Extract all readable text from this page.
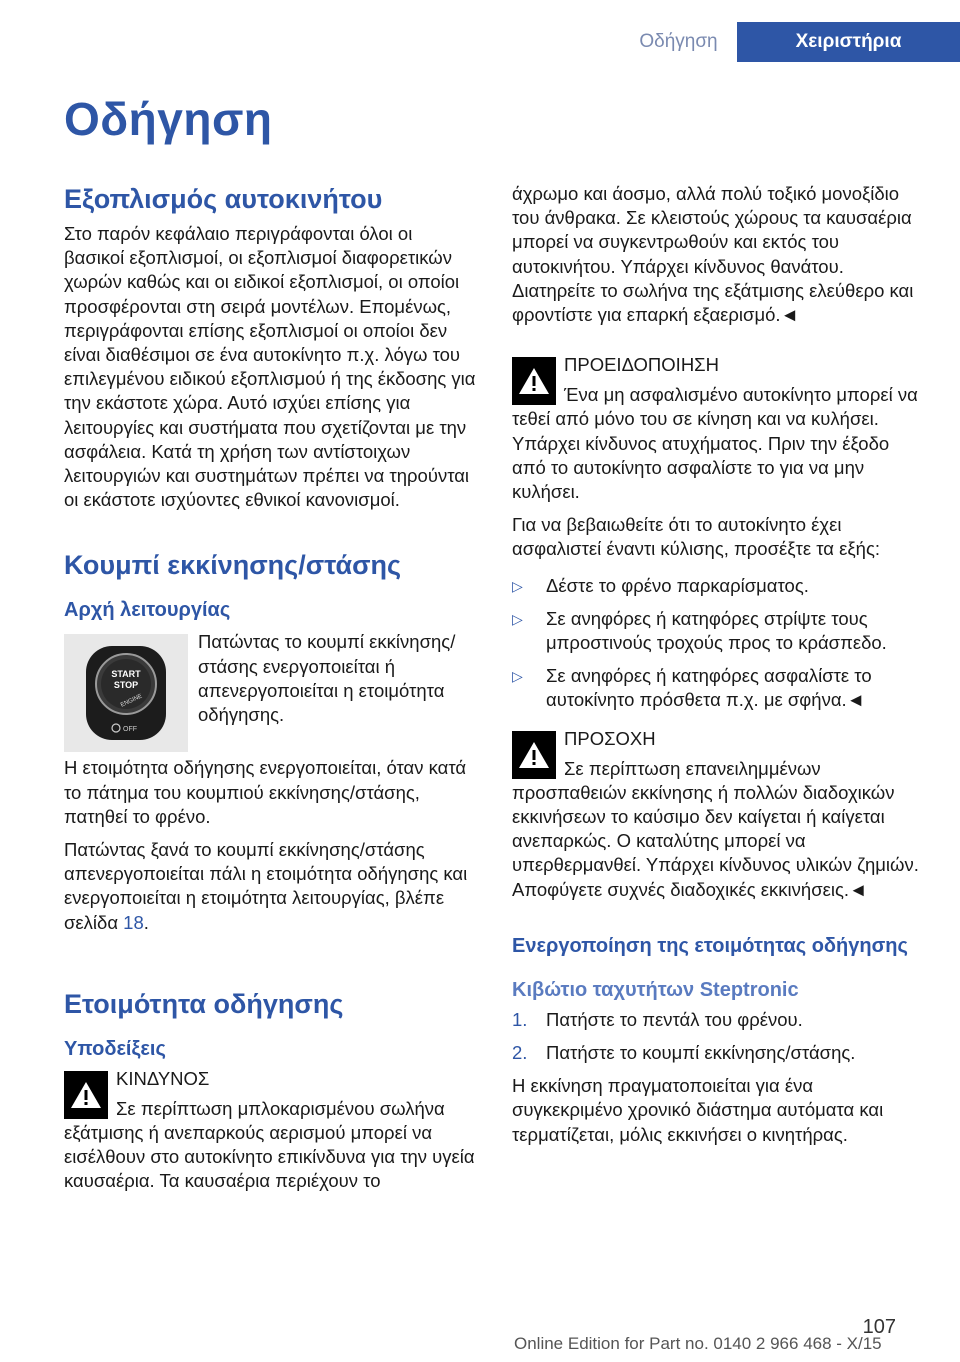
Οδήγηση	Χειριστήρια
Οδήγηση
Εξοπλισμός αυτοκινήτου

Στο παρόν κεφάλαιο περιγράφονται όλοι οι βασικοί εξοπλισμοί, οι εξοπλισμοί διαφορετικών χωρών καθώς και οι ειδικοί εξοπλισμοί, οι οποίοι προσφέρονται στη σειρά μοντέλων. Επομένως, περιγράφονται επίσης εξοπλισμοί οι οποίοι δεν είναι διαθέσιμοι σε ένα αυτοκίνητο π.χ. λόγω του επιλεγμένου ειδικού εξοπλισμού ή της έκδοσης για την εκάστοτε χώρα. Αυτό ισχύει επίσης για λειτουργίες και συστήματα που σχετίζονται με την ασφάλεια. Κατά τη χρήση των αντίστοιχων λειτουργιών και συστημάτων πρέπει να τηρούνται οι εκάστοτε ισχύοντες εθνικοί κανονισμοί.

Κουμπί εκκίνησης/στάσης
Αρχή λειτουργίας
START
STOP
ENGINE
OFF

Πατώντας το κουμπί εκκίνησης/στάσης ενεργοποιείται ή απενεργοποιείται η ετοιμότητα οδήγησης.

Η ετοιμότητα οδήγησης ενεργοποιείται, όταν κατά το πάτημα του κουμπιού εκκίνησης/στάσης, πατηθεί το φρένο.

Πατώντας ξανά το κουμπί εκκίνησης/στάσης απενεργοποιείται πάλι η ετοιμότητα οδήγησης και ενεργοποιείται η ετοιμότητα λειτουργίας, βλέπε σελίδα 18.

Ετοιμότητα οδήγησης
Υποδείξεις
ΚΙΝΔΥΝΟΣ

Σε περίπτωση μπλοκαρισμένου σωλήνα εξάτμισης ή ανεπαρκούς αερισμού μπορεί να εισέλθουν στο αυτοκίνητο επικίνδυνα για την υγεία καυσαέρια. Τα καυσαέρια περιέχουν το

άχρωμο και άοσμο, αλλά πολύ τοξικό μονοξίδιο του άνθρακα. Σε κλειστούς χώρους τα καυσαέρια μπορεί να συγκεντρωθούν και εκτός του αυτοκινήτου. Υπάρχει κίνδυνος θανάτου. Διατηρείτε το σωλήνα της εξάτμισης ελεύθερο και φροντίστε για επαρκή εξαερισμό.◄

ΠΡΟΕΙΔΟΠΟΙΗΣΗ

Ένα μη ασφαλισμένο αυτοκίνητο μπορεί να τεθεί από μόνο του σε κίνηση και να κυλήσει. Υπάρχει κίνδυνος ατυχήματος. Πριν την έξοδο από το αυτοκίνητο ασφαλίστε το για να μην κυλήσει.

Για να βεβαιωθείτε ότι το αυτοκίνητο έχει ασφαλιστεί έναντι κύλισης, προσέξτε τα εξής:

▷ Δέστε το φρένο παρκαρίσματος.
▷ Σε ανηφόρες ή κατηφόρες στρίψτε τους μπροστινούς τροχούς προς το κράσπεδο.
▷ Σε ανηφόρες ή κατηφόρες ασφαλίστε το αυτοκίνητο πρόσθετα π.χ. με σφήνα.◄
ΠΡΟΣΟΧΗ

Σε περίπτωση επανειλημμένων προσπαθειών εκκίνησης ή πολλών διαδοχικών εκκινήσεων το καύσιμο δεν καίγεται ή καίγεται ανεπαρκώς. Ο καταλύτης μπορεί να υπερθερμανθεί. Υπάρχει κίνδυνος υλικών ζημιών. Αποφύγετε συχνές διαδοχικές εκκινήσεις.◄

Ενεργοποίηση της ετοιμότητας οδήγησης
Κιβώτιο ταχυτήτων Steptronic
1. Πατήστε το πεντάλ του φρένου.
2. Πατήστε το κουμπί εκκίνησης/στάσης.

Η εκκίνηση πραγματοποιείται για ένα συγκεκριμένο χρονικό διάστημα αυτόματα και τερματίζεται, μόλις εκκινήσει ο κινητήρας.

107
Online Edition for Part no. 0140 2 966 468 - X/15
